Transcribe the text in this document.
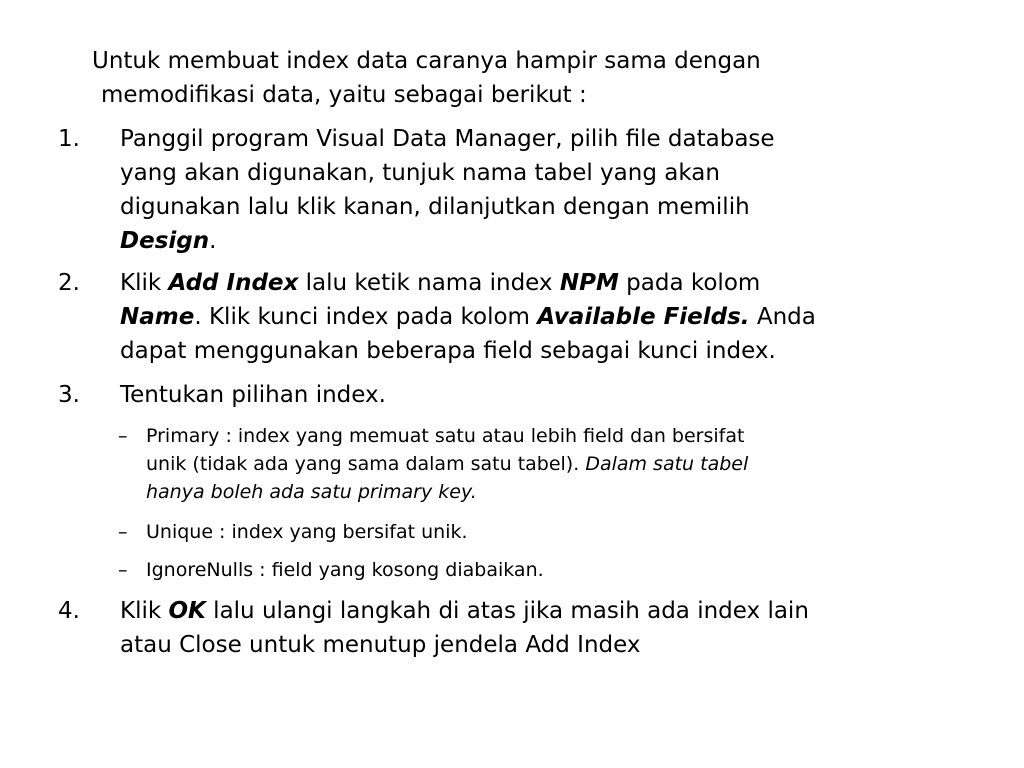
Untuk membuat index data caranya hampir sama dengan
memodifikasi data, yaitu sebagai berikut :
1. Panggil program Visual Data Manager, pilih file database
yang akan digunakan, tunjuk nama tabel yang akan
digunakan lalu klik kanan, dilanjutkan dengan memilih
Design.
2. Klik Add Index lalu ketik nama index NPM pada kolom
Name. Klik kunci index pada kolom Available Fields. Anda
dapat menggunakan beberapa field sebagai kunci index.
3. Tentukan pilihan index.
– Primary : index yang memuat satu atau lebih field dan bersifat
unik (tidak ada yang sama dalam satu tabel). Dalam satu tabel
hanya boleh ada satu primary key.
– Unique : index yang bersifat unik.
– IgnoreNulls : field yang kosong diabaikan.
4. Klik OK lalu ulangi langkah di atas jika masih ada index lain
atau Close untuk menutup jendela Add Index
